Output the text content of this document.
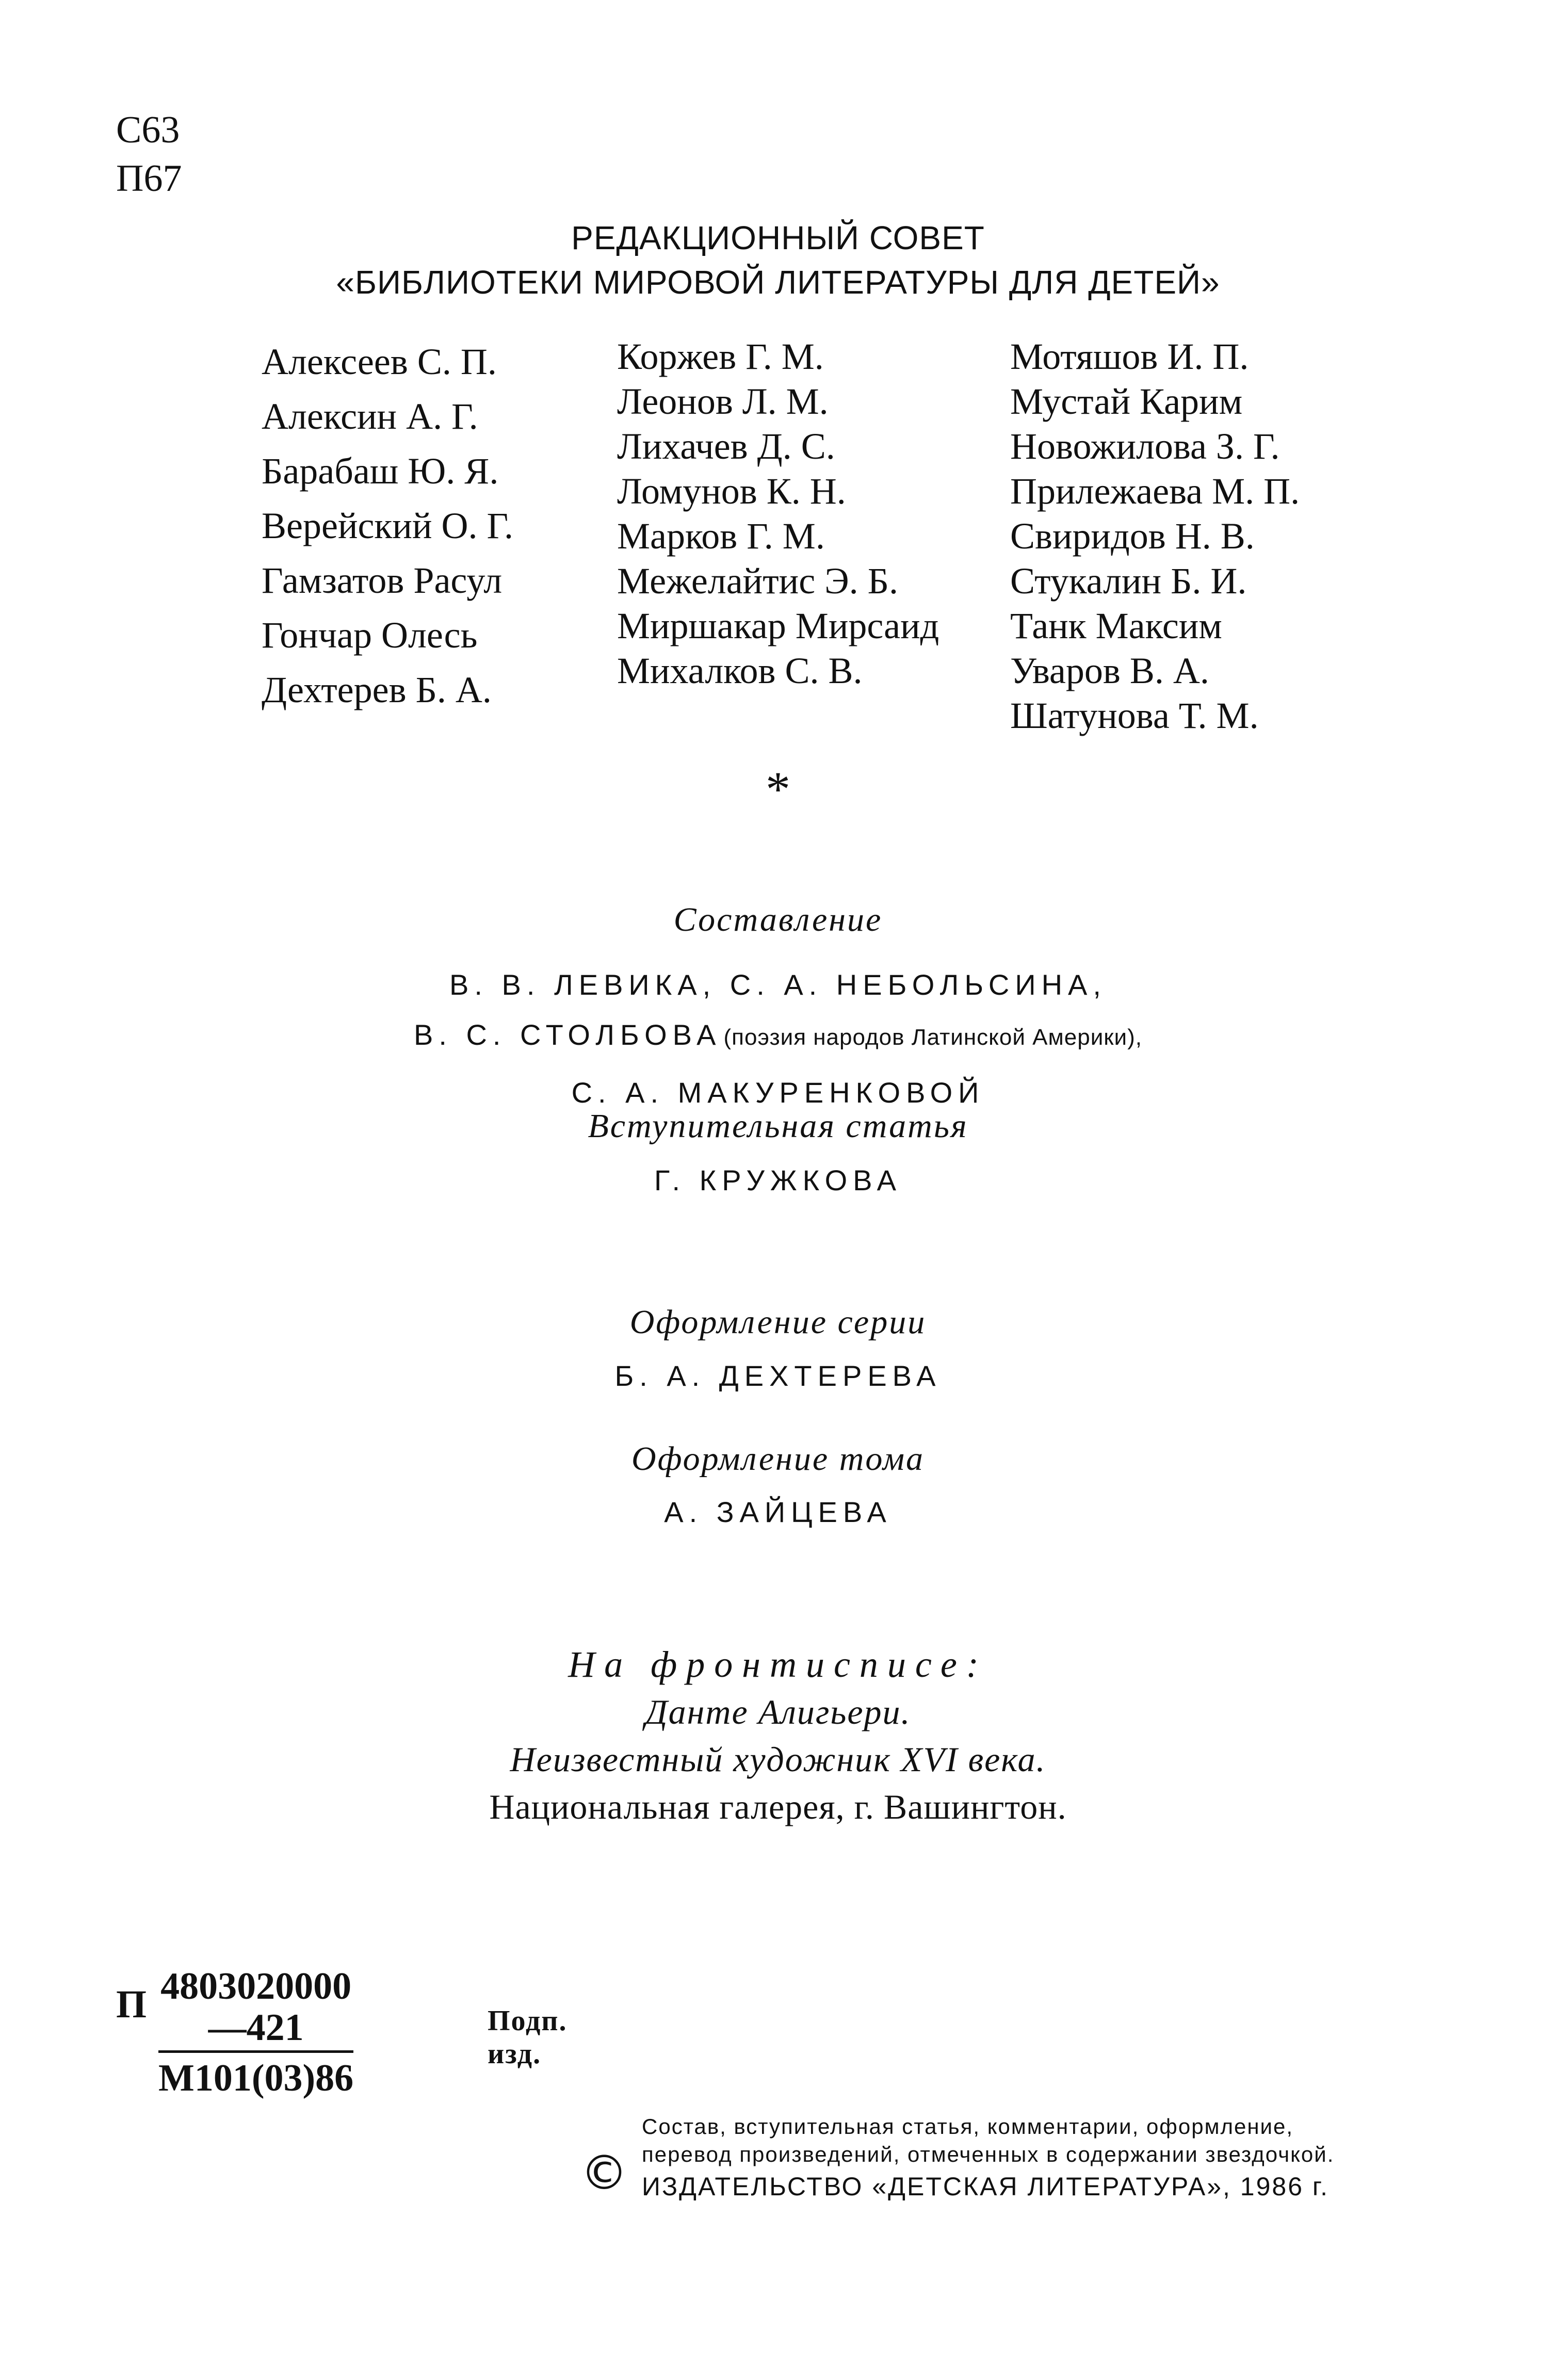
С63
П67
РЕДАКЦИОННЫЙ СОВЕТ
«БИБЛИОТЕКИ МИРОВОЙ ЛИТЕРАТУРЫ ДЛЯ ДЕТЕЙ»
Алексеев С. П.
Алексин А. Г.
Барабаш Ю. Я.
Верейский О. Г.
Гамзатов Расул
Гончар Олесь
Дехтерев Б. А.
Коржев Г. М.
Леонов Л. М.
Лихачев Д. С.
Ломунов К. Н.
Марков Г. М.
Межелайтис Э. Б.
Миршакар Мирсаид
Михалков С. В.
Мотяшов И. П.
Мустай Карим
Новожилова З. Г.
Прилежаева М. П.
Свиридов Н. В.
Стукалин Б. И.
Танк Максим
Уваров В. А.
Шатунова Т. М.
*
Составление
В. В. ЛЕВИКА, С. А. НЕБОЛЬСИНА,
В. С. СТОЛБОВА (поэзия народов Латинской Америки),
С. А. МАКУРЕНКОВОЙ
Вступительная статья
Г. КРУЖКОВА
Оформление серии
Б. А. ДЕХТЕРЕВА
Оформление тома
А. ЗАЙЦЕВА
На фронтисписе:
Данте Алигьери.
Неизвестный художник XVI века.
Национальная галерея, г. Вашингтон.
П 4803020000—421
М101(03)86
Подп. изд.
©
Состав, вступительная статья, комментарии, оформление,
перевод произведений, отмеченных в содержании звездочкой.
ИЗДАТЕЛЬСТВО «ДЕТСКАЯ ЛИТЕРАТУРА», 1986 г.
